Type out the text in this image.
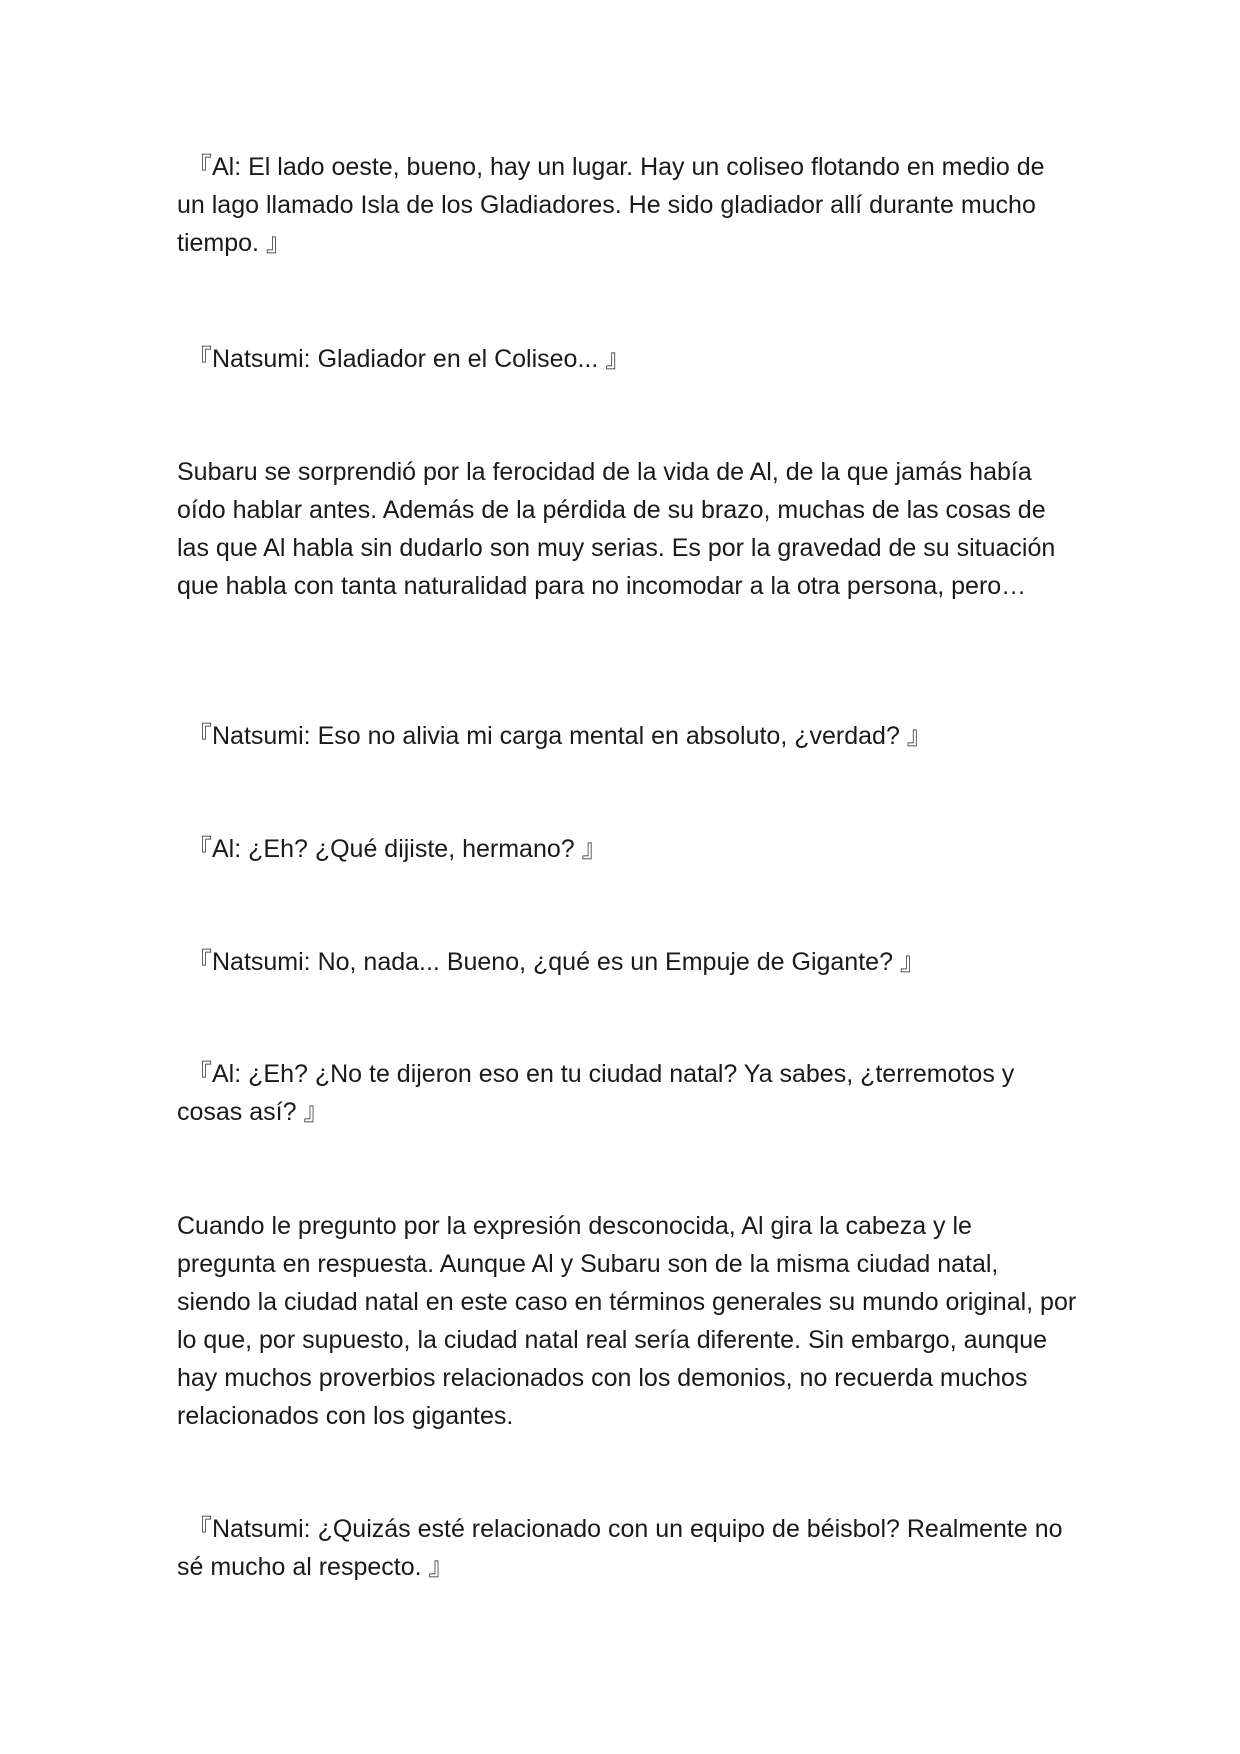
『Al: El lado oeste, bueno, hay un lugar. Hay un coliseo flotando en medio de un lago llamado Isla de los Gladiadores. He sido gladiador allí durante mucho tiempo. 』

『Natsumi: Gladiador en el Coliseo... 』

Subaru se sorprendió por la ferocidad de la vida de Al, de la que jamás había oído hablar antes. Además de la pérdida de su brazo, muchas de las cosas de las que Al habla sin dudarlo son muy serias. Es por la gravedad de su situación que habla con tanta naturalidad para no incomodar a la otra persona, pero…

『Natsumi: Eso no alivia mi carga mental en absoluto, ¿verdad? 』

『Al: ¿Eh? ¿Qué dijiste, hermano? 』

『Natsumi: No, nada... Bueno, ¿qué es un Empuje de Gigante? 』

『Al: ¿Eh? ¿No te dijeron eso en tu ciudad natal? Ya sabes, ¿terremotos y cosas así? 』

Cuando le pregunto por la expresión desconocida, Al gira la cabeza y le pregunta en respuesta. Aunque Al y Subaru son de la misma ciudad natal, siendo la ciudad natal en este caso en términos generales su mundo original, por lo que, por supuesto, la ciudad natal real sería diferente. Sin embargo, aunque hay muchos proverbios relacionados con los demonios, no recuerda muchos relacionados con los gigantes.

『Natsumi: ¿Quizás esté relacionado con un equipo de béisbol? Realmente no sé mucho al respecto. 』
